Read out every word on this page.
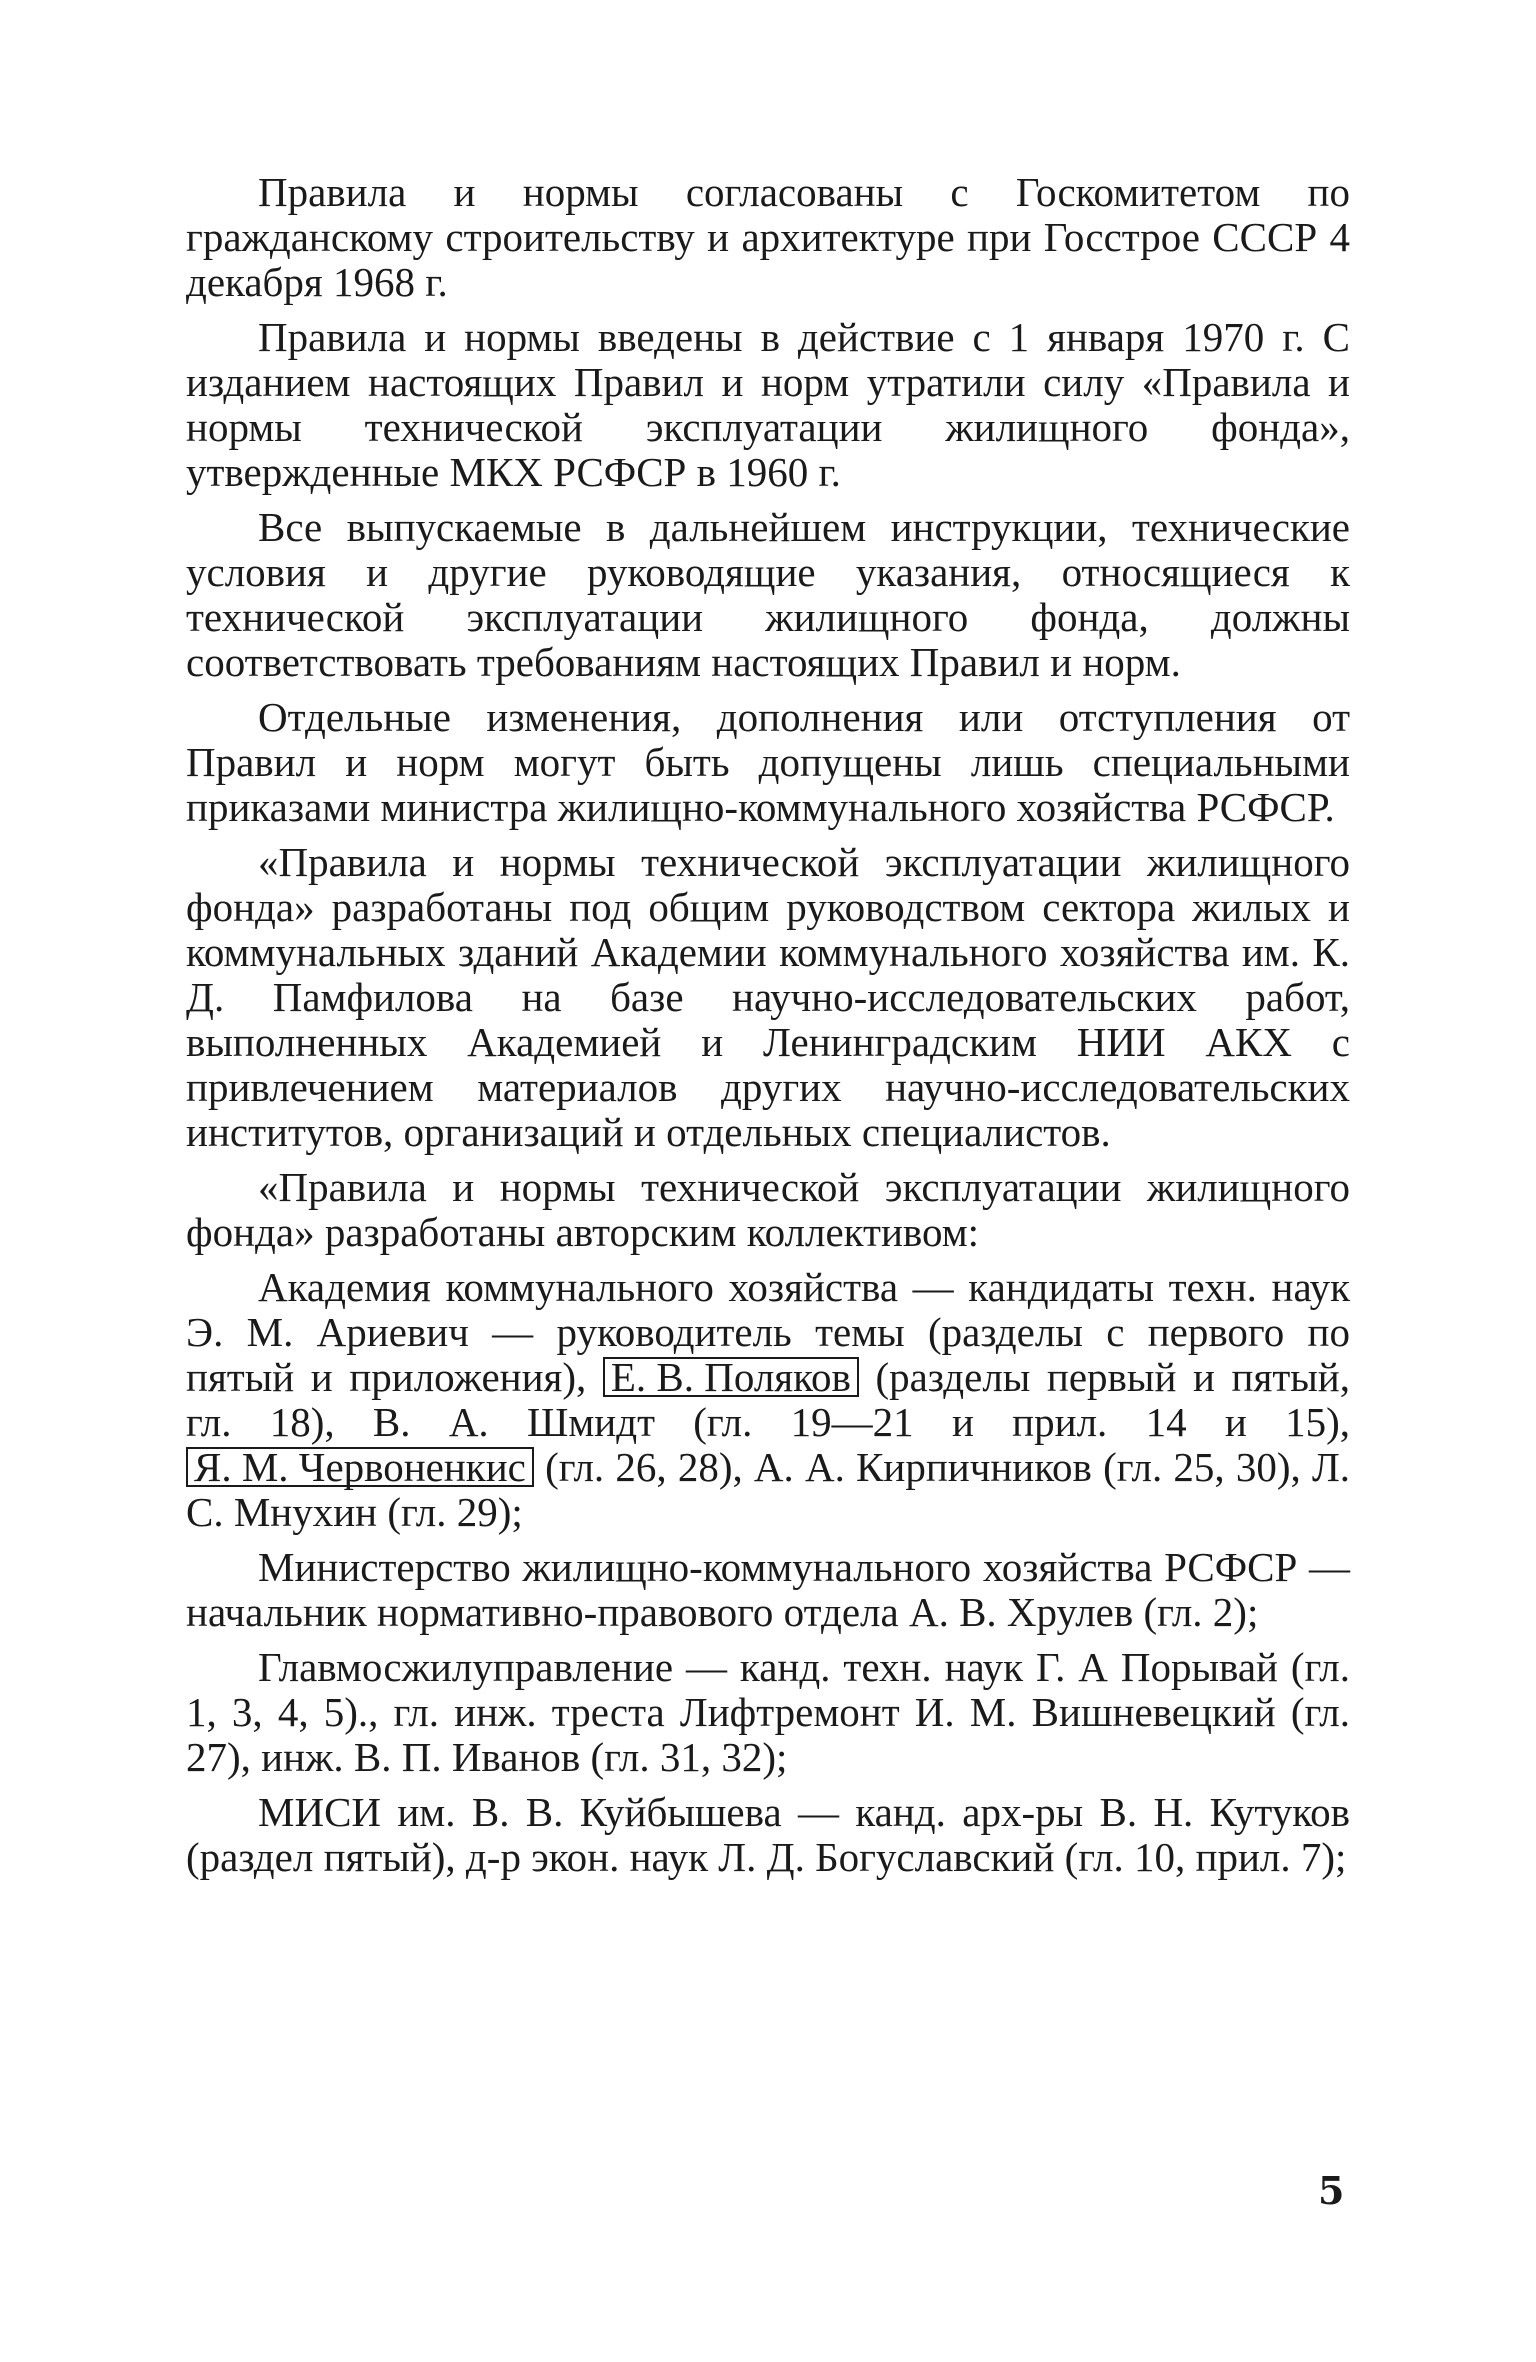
Правила и нормы согласованы с Госкомитетом по гражданскому строительству и архитектуре при Госстрое СССР 4 декабря 1968 г.

Правила и нормы введены в действие с 1 января 1970 г. С изданием настоящих Правил и норм утратили силу «Правила и нормы технической эксплуатации жилищного фонда», утвержденные МКХ РСФСР в 1960 г.

Все выпускаемые в дальнейшем инструкции, технические условия и другие руководящие указания, относящиеся к технической эксплуатации жилищного фонда, должны соответствовать требованиям настоящих Правил и норм.

Отдельные изменения, дополнения или отступления от Правил и норм могут быть допущены лишь специальными приказами министра жилищно-коммунального хозяйства РСФСР.

«Правила и нормы технической эксплуатации жилищного фонда» разработаны под общим руководством сектора жилых и коммунальных зданий Академии коммунального хозяйства им. К. Д. Памфилова на базе научно-исследовательских работ, выполненных Академией и Ленинградским НИИ АКХ с привлечением материалов других научно-исследовательских институтов, организаций и отдельных специалистов.

«Правила и нормы технической эксплуатации жилищного фонда» разработаны авторским коллективом:

Академия коммунального хозяйства — кандидаты техн. наук Э. М. Ариевич — руководитель темы (разделы с первого по пятый и приложения), Е. В. Поляков (разделы первый и пятый, гл. 18), В. А. Шмидт (гл. 19—21 и прил. 14 и 15), Я. М. Червоненкис (гл. 26, 28), А. А. Кирпичников (гл. 25, 30), Л. С. Мнухин (гл. 29);

Министерство жилищно-коммунального хозяйства РСФСР — начальник нормативно-правового отдела А. В. Хрулев (гл. 2);

Главмосжилуправление — канд. техн. наук Г. А Порывай (гл. 1, 3, 4, 5)., гл. инж. треста Лифтремонт И. М. Вишневецкий (гл. 27), инж. В. П. Иванов (гл. 31, 32);

МИСИ им. В. В. Куйбышева — канд. арх-ры В. Н. Кутуков (раздел пятый), д-р экон. наук Л. Д. Богуславский (гл. 10, прил. 7);

5
